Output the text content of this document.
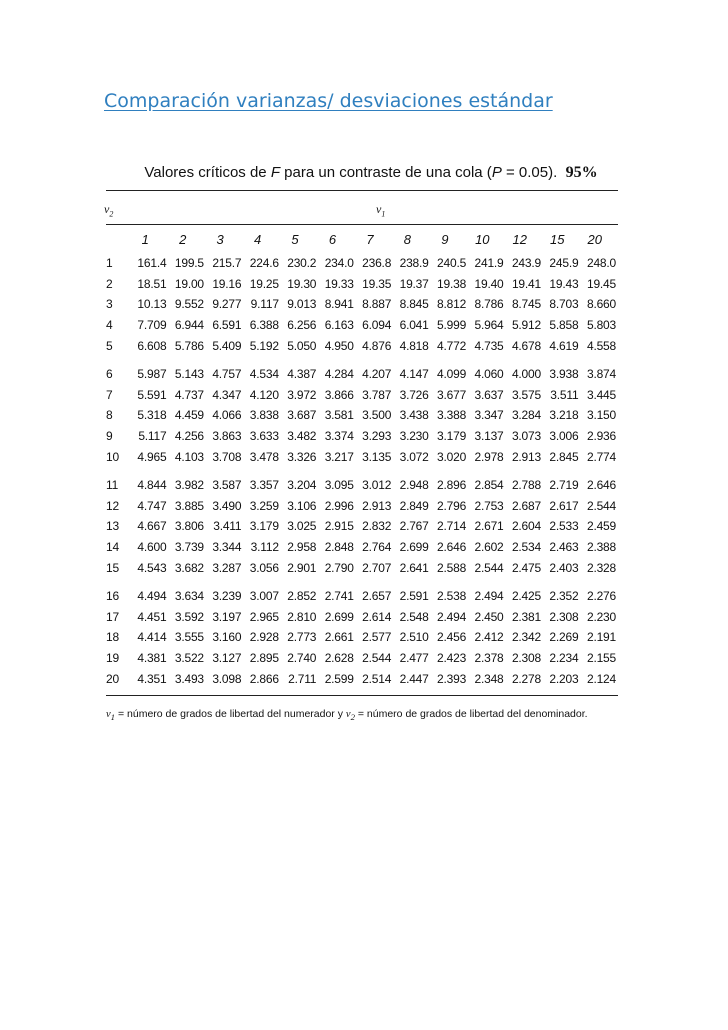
Comparación varianzas/ desviaciones estándar
Valores críticos de F para un contraste de una cola (P = 0.05). 95%
$\nu_2$	$\nu_1$
	1	2	3	4	5	6	7	8	9	10	12	15	20
1	161.4	199.5	215.7	224.6	230.2	234.0	236.8	238.9	240.5	241.9	243.9	245.9	248.0
2	18.51	19.00	19.16	19.25	19.30	19.33	19.35	19.37	19.38	19.40	19.41	19.43	19.45
3	10.13	9.552	9.277	9.117	9.013	8.941	8.887	8.845	8.812	8.786	8.745	8.703	8.660
4	7.709	6.944	6.591	6.388	6.256	6.163	6.094	6.041	5.999	5.964	5.912	5.858	5.803
5	6.608	5.786	5.409	5.192	5.050	4.950	4.876	4.818	4.772	4.735	4.678	4.619	4.558
6	5.987	5.143	4.757	4.534	4.387	4.284	4.207	4.147	4.099	4.060	4.000	3.938	3.874
7	5.591	4.737	4.347	4.120	3.972	3.866	3.787	3.726	3.677	3.637	3.575	3.511	3.445
8	5.318	4.459	4.066	3.838	3.687	3.581	3.500	3.438	3.388	3.347	3.284	3.218	3.150
9	5.117	4.256	3.863	3.633	3.482	3.374	3.293	3.230	3.179	3.137	3.073	3.006	2.936
10	4.965	4.103	3.708	3.478	3.326	3.217	3.135	3.072	3.020	2.978	2.913	2.845	2.774
11	4.844	3.982	3.587	3.357	3.204	3.095	3.012	2.948	2.896	2.854	2.788	2.719	2.646
12	4.747	3.885	3.490	3.259	3.106	2.996	2.913	2.849	2.796	2.753	2.687	2.617	2.544
13	4.667	3.806	3.411	3.179	3.025	2.915	2.832	2.767	2.714	2.671	2.604	2.533	2.459
14	4.600	3.739	3.344	3.112	2.958	2.848	2.764	2.699	2.646	2.602	2.534	2.463	2.388
15	4.543	3.682	3.287	3.056	2.901	2.790	2.707	2.641	2.588	2.544	2.475	2.403	2.328
16	4.494	3.634	3.239	3.007	2.852	2.741	2.657	2.591	2.538	2.494	2.425	2.352	2.276
17	4.451	3.592	3.197	2.965	2.810	2.699	2.614	2.548	2.494	2.450	2.381	2.308	2.230
18	4.414	3.555	3.160	2.928	2.773	2.661	2.577	2.510	2.456	2.412	2.342	2.269	2.191
19	4.381	3.522	3.127	2.895	2.740	2.628	2.544	2.477	2.423	2.378	2.308	2.234	2.155
20	4.351	3.493	3.098	2.866	2.711	2.599	2.514	2.447	2.393	2.348	2.278	2.203	2.124
$\nu_1$ = número de grados de libertad del numerador y $\nu_2$ = número de grados de libertad del denominador.
